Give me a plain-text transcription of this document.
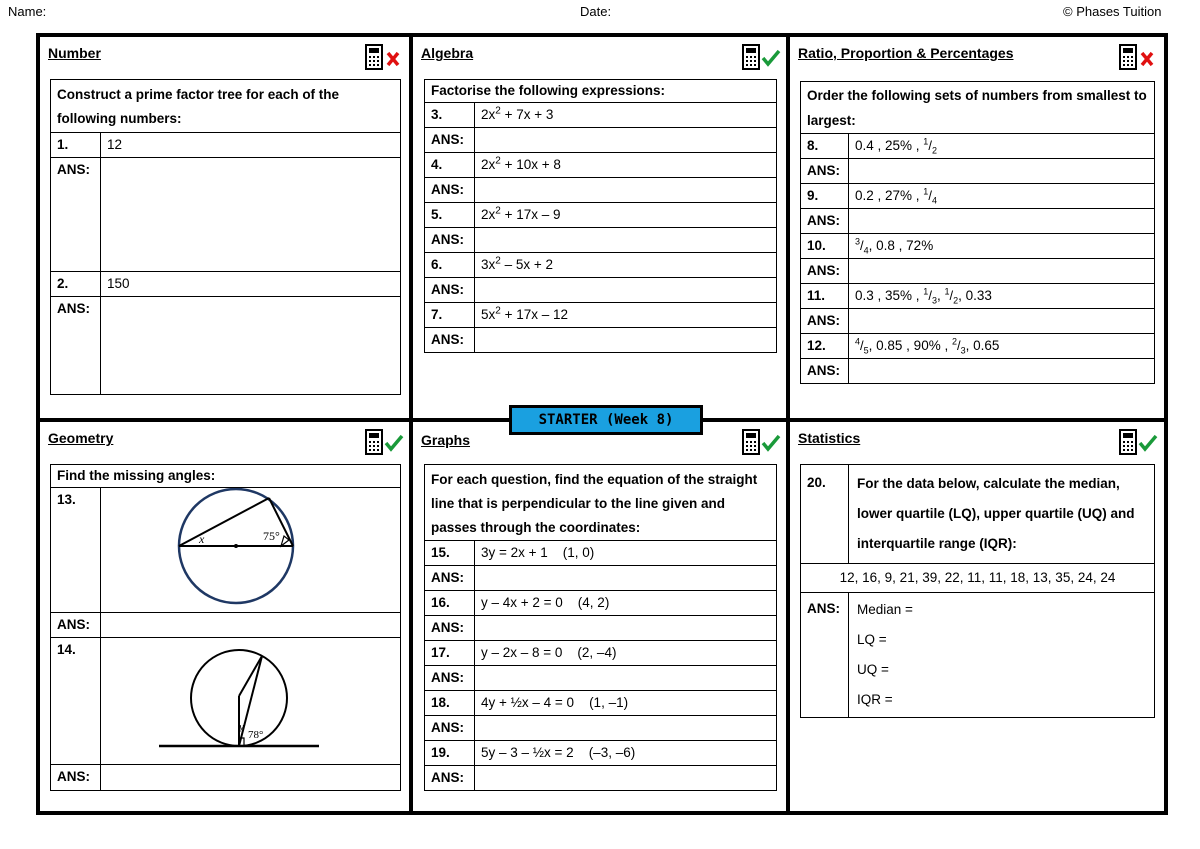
Name:	Date:	© Phases Tuition
Number
Construct a prime factor tree for each of the following numbers:	
1.	12
ANS:	
2.	150
ANS:	
Algebra
Factorise the following expressions:	
3.	$2x^2 + 7x + 3$
ANS:	
4.	$2x^2 + 10x + 8$
ANS:	
5.	$2x^2 + 17x - 9$
ANS:	
6.	$3x^2 - 5x + 2$
ANS:	
7.	$5x^2 + 17x - 12$
ANS:	
Ratio, Proportion & Percentages
Order the following sets of numbers from smallest to largest:	
8.	0.4 , 25% , $^1/_2$
ANS:	
9.	0.2 , 27% , $^1/_4$
ANS:	
10.	$^3/_4$, 0.8 , 72%
ANS:	
11.	0.3 , 35% , $^1/_3$, $^1/_2$, 0.33
ANS:	
12.	$^4/_5$, 0.85 , 90% , $^2/_3$, 0.65
ANS:	
Geometry
Find the missing angles:	
13.	x 75°

ANS:	
14.	y
78°

ANS:	
Graphs
For each question, find the equation of the straight line that is perpendicular to the line given and passes through the coordinates:	
15.	3y = 2x + 1    (1, 0)
ANS:	
16.	y – 4x + 2 = 0    (4, 2)
ANS:	
17.	y – 2x – 8 = 0    (2, –4)
ANS:	
18.	4y + ½x – 4 = 0    (1, –1)
ANS:	
19.	5y – 3 – ½x = 2    (–3, –6)
ANS:	
Statistics
20.	For the data below, calculate the median, lower quartile (LQ), upper quartile (UQ) and interquartile range (IQR):
12, 16, 9, 21, 39, 22, 11, 11, 18, 13, 35, 24, 24	
ANS:	Median =
LQ =
UQ =
IQR =
STARTER (Week 8)
